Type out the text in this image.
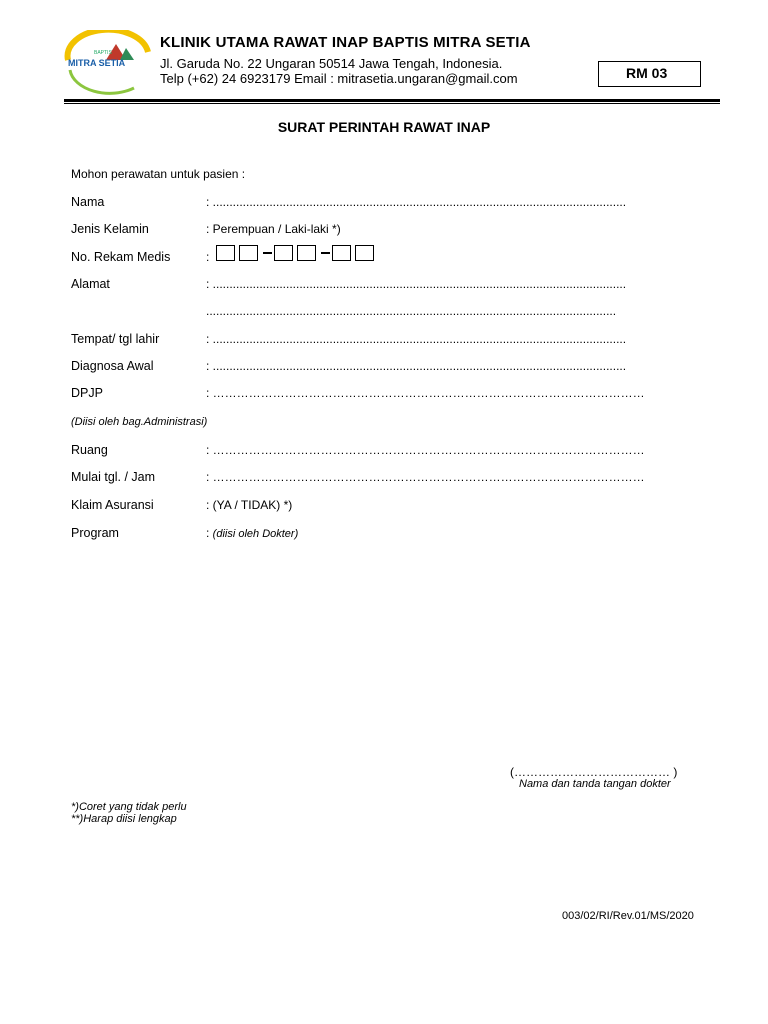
BAPTIS
MITRA SETIA
KLINIK UTAMA RAWAT INAP BAPTIS MITRA SETIA
Jl. Garuda No. 22 Ungaran 50514 Jawa Tengah, Indonesia.
Telp (+62) 24 6923179 Email : mitrasetia.ungaran@gmail.com	RM 03
SURAT PERINTAH RAWAT INAP
Mohon perawatan untuk pasien :
Nama	: ............................................................................................................................
Jenis Kelamin	: Perempuan / Laki-laki *)
No. Rekam Medis	:
Alamat	: ............................................................................................................................
...........................................................................................................................
Tempat/ tgl lahir	: ............................................................................................................................
Diagnosa Awal	: ............................................................................................................................
DPJP	: ………………………………………………………………………………………………
(Diisi oleh bag.Administrasi)
Ruang	: ………………………………………………………………………………………………
Mulai tgl. / Jam	: ………………………………………………………………………………………………
Klaim Asuransi	: (YA / TIDAK) *)
Program	: (diisi oleh Dokter)
(………………………………… )
Nama dan tanda tangan dokter
*)Coret yang tidak perlu
**)Harap diisi lengkap
003/02/RI/Rev.01/MS/2020
